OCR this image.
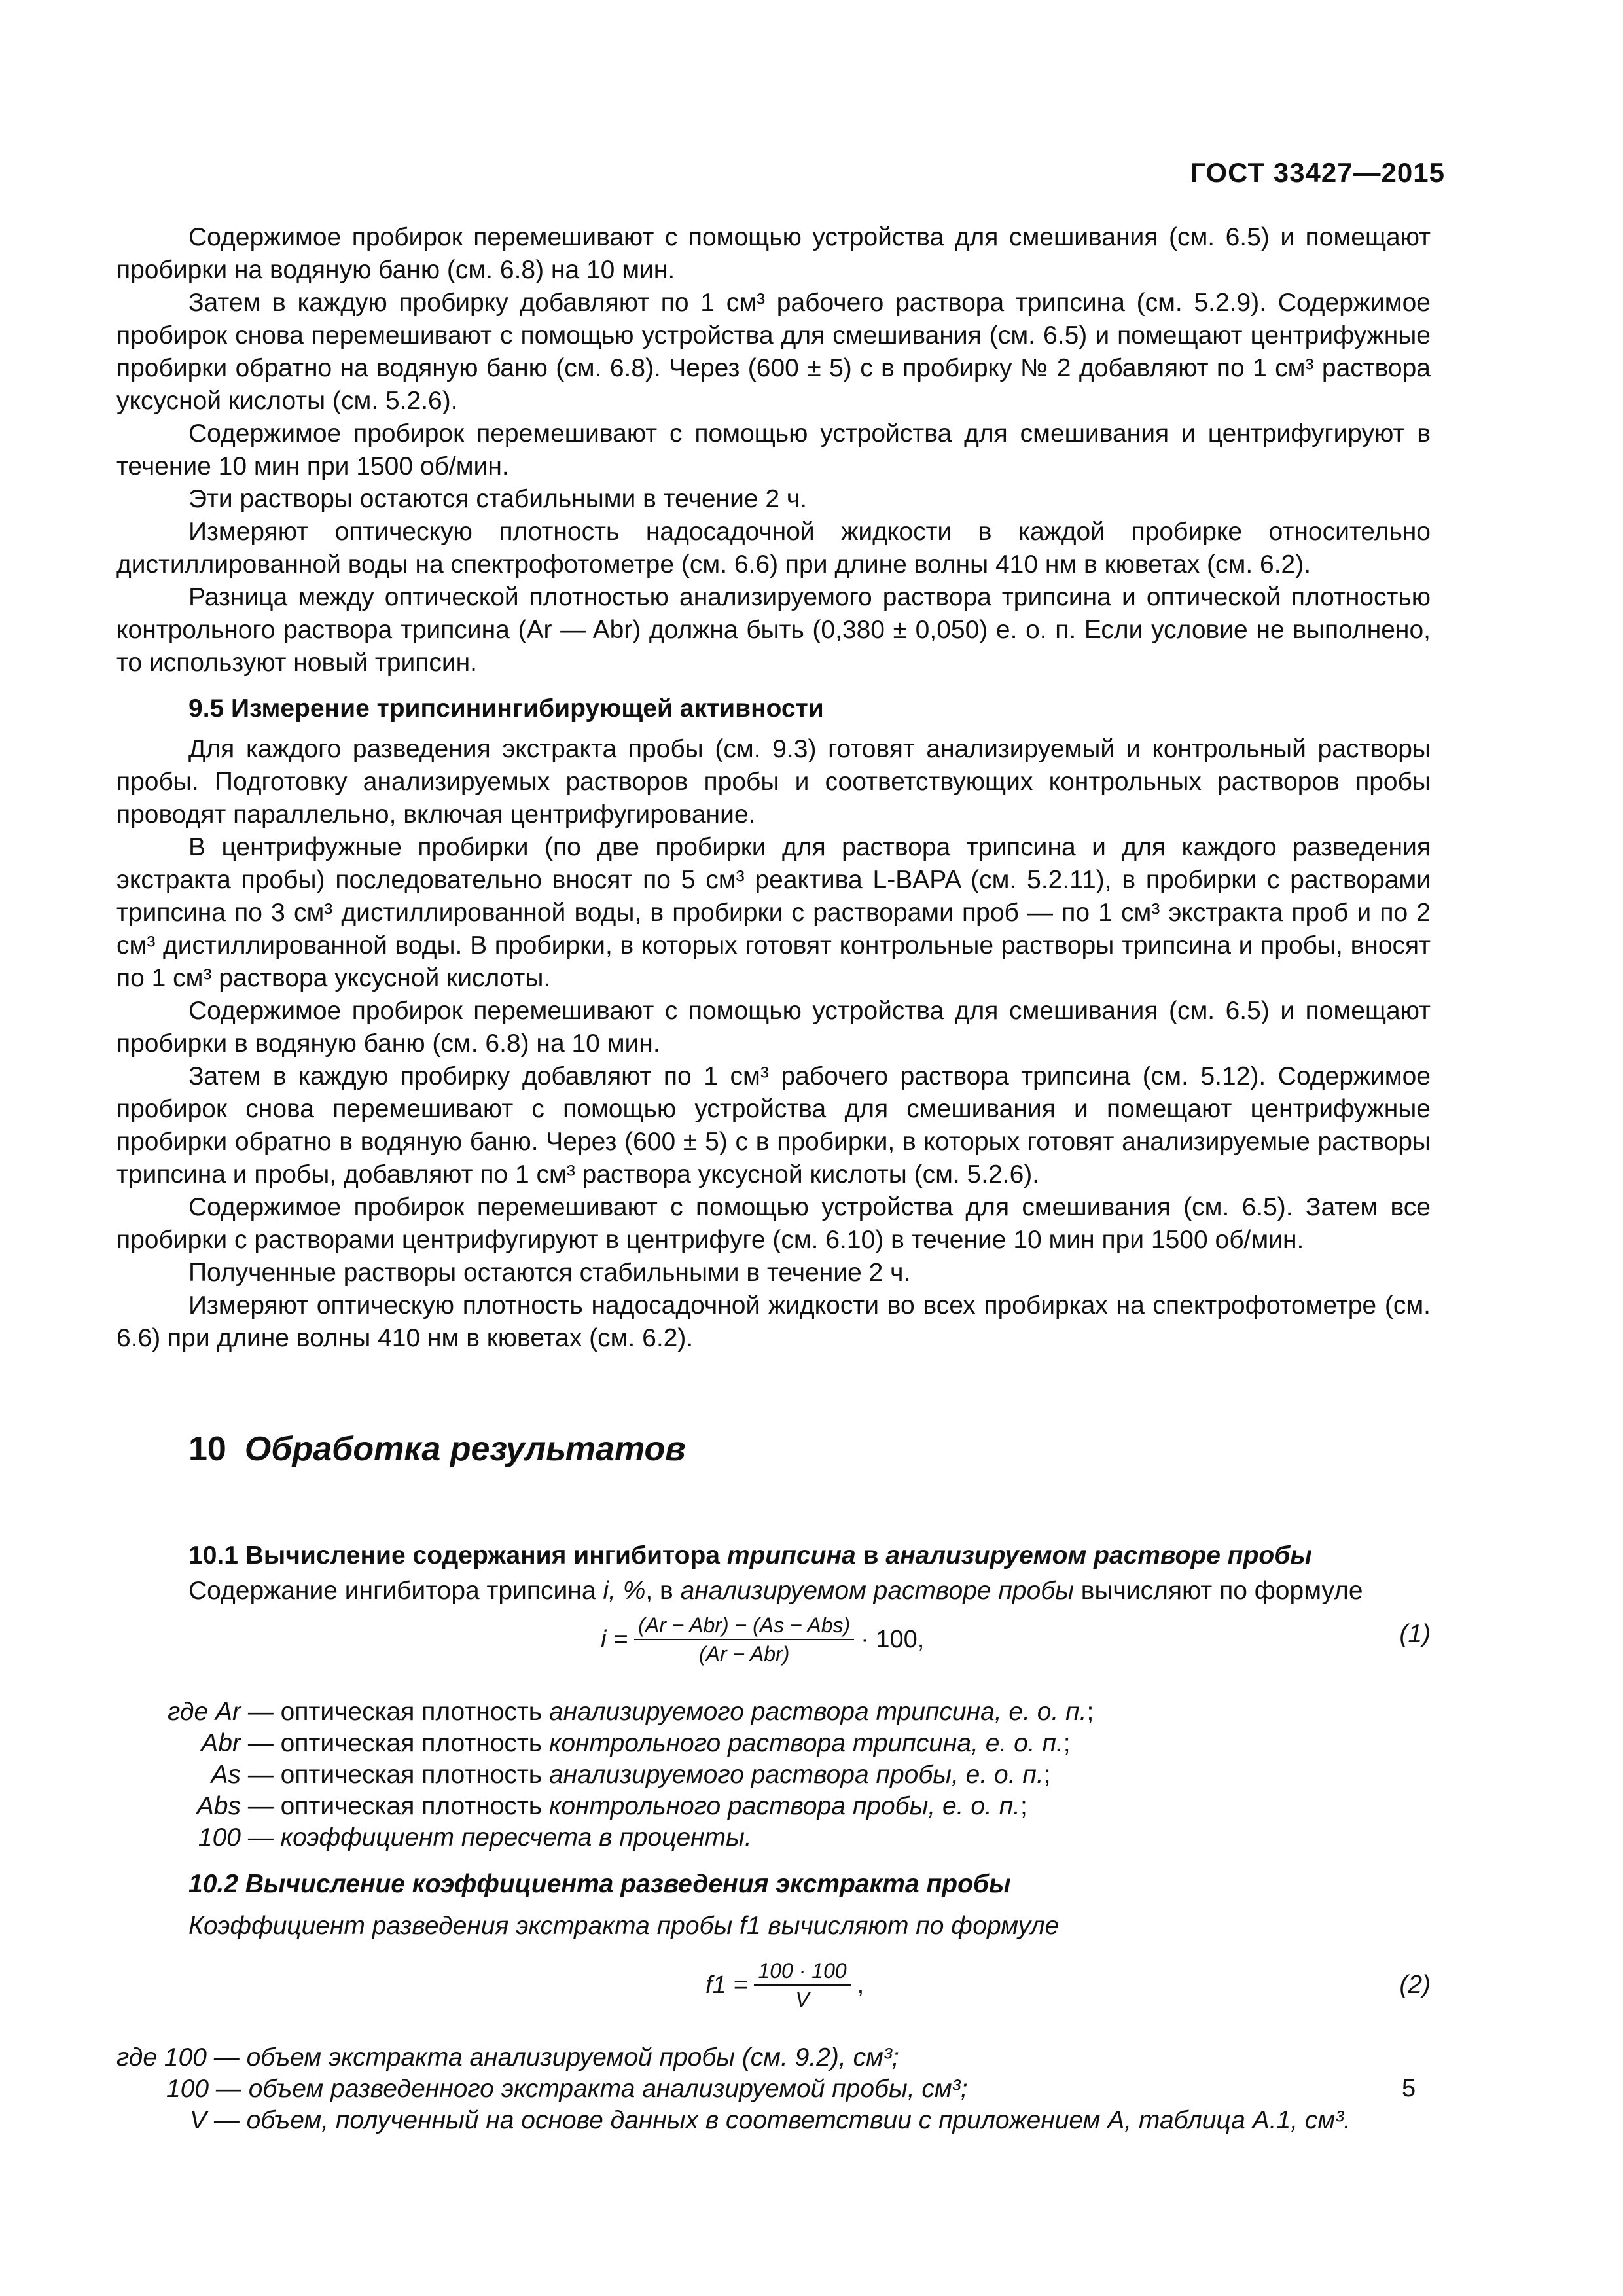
ГОСТ 33427—2015

Содержимое пробирок перемешивают с помощью устройства для смешивания (см. 6.5) и помещают пробирки на водяную баню (см. 6.8) на 10 мин.

Затем в каждую пробирку добавляют по 1 см³ рабочего раствора трипсина (см. 5.2.9). Содержимое пробирок снова перемешивают с помощью устройства для смешивания (см. 6.5) и помещают центрифужные пробирки обратно на водяную баню (см. 6.8). Через (600 ± 5) с в пробирку № 2 добавляют по 1 см³ раствора уксусной кислоты (см. 5.2.6).

Содержимое пробирок перемешивают с помощью устройства для смешивания и центрифугируют в течение 10 мин при 1500 об/мин.

Эти растворы остаются стабильными в течение 2 ч.

Измеряют оптическую плотность надосадочной жидкости в каждой пробирке относительно дистиллированной воды на спектрофотометре (см. 6.6) при длине волны 410 нм в кюветах (см. 6.2).

Разница между оптической плотностью анализируемого раствора трипсина и оптической плотностью контрольного раствора трипсина (Ar — Abr) должна быть (0,380 ± 0,050) е. о. п. Если условие не выполнено, то используют новый трипсин.

9.5 Измерение трипсинингибирующей активности

Для каждого разведения экстракта пробы (см. 9.3) готовят анализируемый и контрольный растворы пробы. Подготовку анализируемых растворов пробы и соответствующих контрольных растворов пробы проводят параллельно, включая центрифугирование.

В центрифужные пробирки (по две пробирки для раствора трипсина и для каждого разведения экстракта пробы) последовательно вносят по 5 см³ реактива L-BAPA (см. 5.2.11), в пробирки с растворами трипсина по 3 см³ дистиллированной воды, в пробирки с растворами проб — по 1 см³ экстракта проб и по 2 см³ дистиллированной воды. В пробирки, в которых готовят контрольные растворы трипсина и пробы, вносят по 1 см³ раствора уксусной кислоты.

Содержимое пробирок перемешивают с помощью устройства для смешивания (см. 6.5) и помещают пробирки в водяную баню (см. 6.8) на 10 мин.

Затем в каждую пробирку добавляют по 1 см³ рабочего раствора трипсина (см. 5.12). Содержимое пробирок снова перемешивают с помощью устройства для смешивания и помещают центрифужные пробирки обратно в водяную баню. Через (600 ± 5) с в пробирки, в которых готовят анализируемые растворы трипсина и пробы, добавляют по 1 см³ раствора уксусной кислоты (см. 5.2.6).

Содержимое пробирок перемешивают с помощью устройства для смешивания (см. 6.5). Затем все пробирки с растворами центрифугируют в центрифуге (см. 6.10) в течение 10 мин при 1500 об/мин.

Полученные растворы остаются стабильными в течение 2 ч.

Измеряют оптическую плотность надосадочной жидкости во всех пробирках на спектрофотометре (см. 6.6) при длине волны 410 нм в кюветах (см. 6.2).

10 Обработка результатов

10.1 Вычисление содержания ингибитора трипсина в анализируемом растворе пробы

Содержание ингибитора трипсина i, %, в анализируемом растворе пробы вычисляют по формуле

$i = \frac{\text{(Ar − Abr) − (As − Abs)}}{\text{(Ar − Abr)}} \cdot 100$,	(1)
где Ar — оптическая плотность анализируемого раствора трипсина, е. о. п.;
Abr — оптическая плотность контрольного раствора трипсина, е. о. п.;
As — оптическая плотность анализируемого раствора пробы, е. о. п.;
Abs — оптическая плотность контрольного раствора пробы, е. о. п.;
100 — коэффициент пересчета в проценты.

10.2 Вычисление коэффициента разведения экстракта пробы

Коэффициент разведения экстракта пробы f1 вычисляют по формуле

$f1 = \frac{100 \cdot 100}{V}$ ,	(2)
где 100 — объем экстракта анализируемой пробы (см. 9.2), см³;
100 — объем разведенного экстракта анализируемой пробы, см³;
V — объем, полученный на основе данных в соответствии с приложением А, таблица А.1, см³.
5
